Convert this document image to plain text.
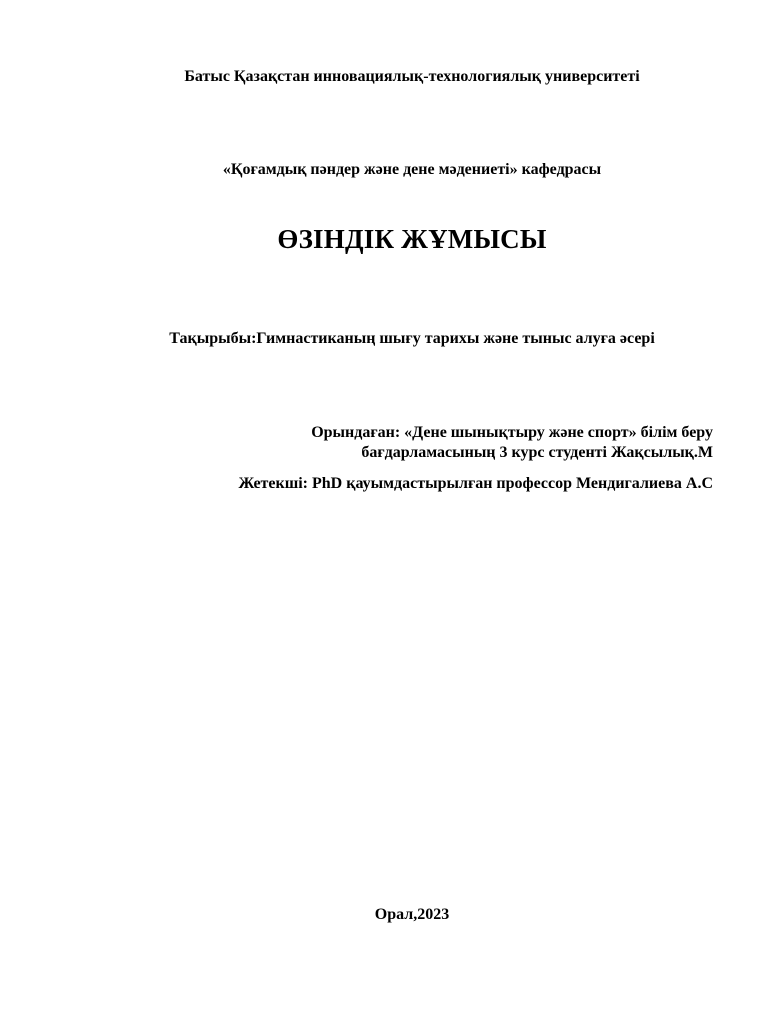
Батыс Қазақстан инновациялық-технологиялық университеті
«Қоғамдық пәндер және дене мәдениеті» кафедрасы
ӨЗІНДІК ЖҰМЫСЫ
Тақырыбы:Гимнастиканың шығу тарихы және тыныс алуға әсері
Орындаған: «Дене шынықтыру және спорт» білім беру
бағдарламасының 3 курс студенті Жақсылық.М
Жетекші: PhD қауымдастырылған профессор Мендигалиева А.С
Орал,2023
